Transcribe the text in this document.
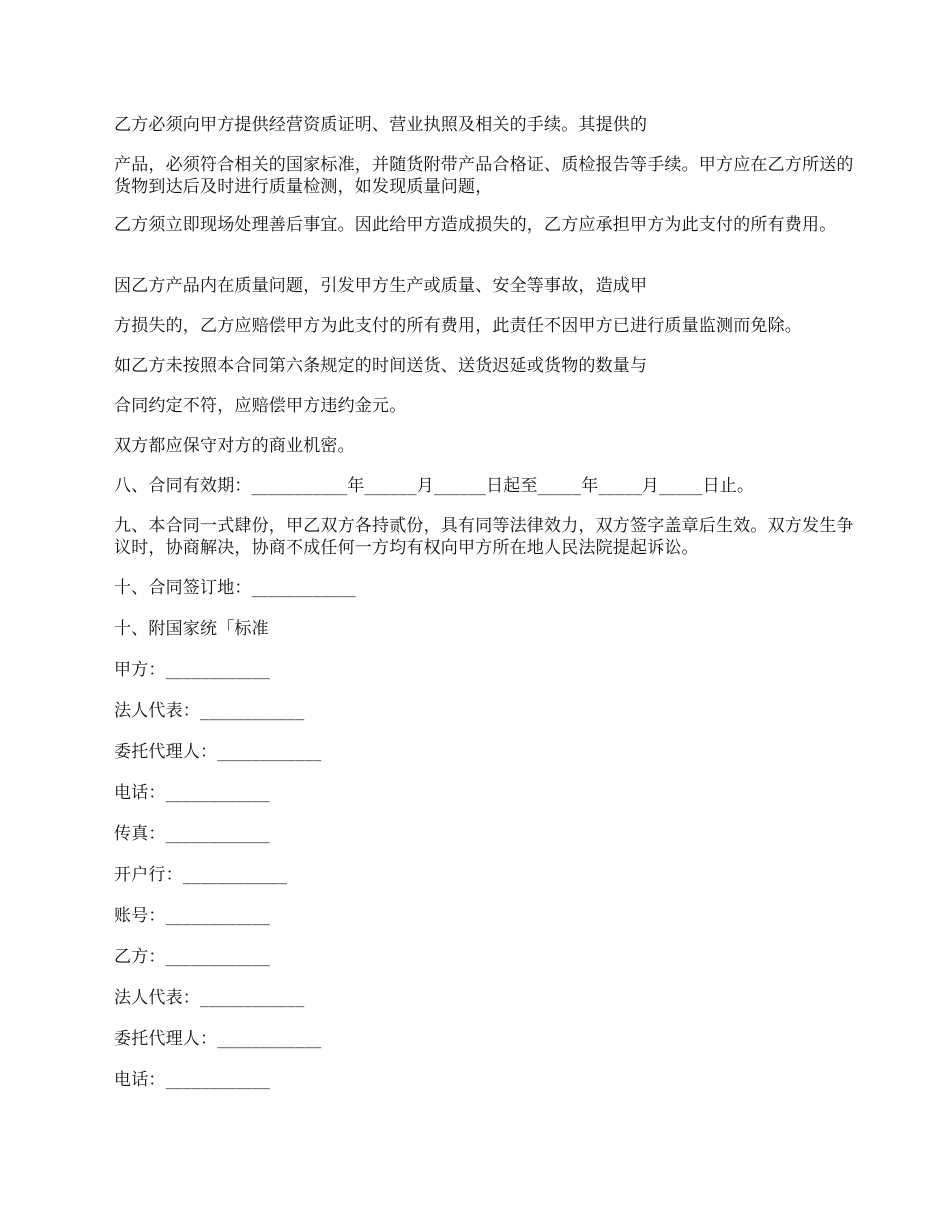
乙方必须向甲方提供经营资质证明、营业执照及相关的手续。其提供的
产品，必须符合相关的国家标准，并随货附带产品合格证、质检报告等手续。甲方应在乙方所送的货物到达后及时进行质量检测，如发现质量问题，
乙方须立即现场处理善后事宜。因此给甲方造成损失的，乙方应承担甲方为此支付的所有费用。
因乙方产品内在质量问题，引发甲方生产或质量、安全等事故，造成甲
方损失的，乙方应赔偿甲方为此支付的所有费用，此责任不因甲方已进行质量监测而免除。
如乙方未按照本合同第六条规定的时间送货、送货迟延或货物的数量与
合同约定不符，应赔偿甲方违约金元。
双方都应保守对方的商业机密。
八、合同有效期：___________年______月______日起至_____年_____月_____日止。
九、本合同一式肆份，甲乙双方各持贰份，具有同等法律效力，双方签字盖章后生效。双方发生争议时，协商解决，协商不成任何一方均有权向甲方所在地人民法院提起诉讼。
十、合同签订地：____________
十、附国家统「标准
甲方：____________
法人代表：____________
委托代理人：____________
电话：____________
传真：____________
开户行：____________
账号：____________
乙方：____________
法人代表：____________
委托代理人：____________
电话：____________
